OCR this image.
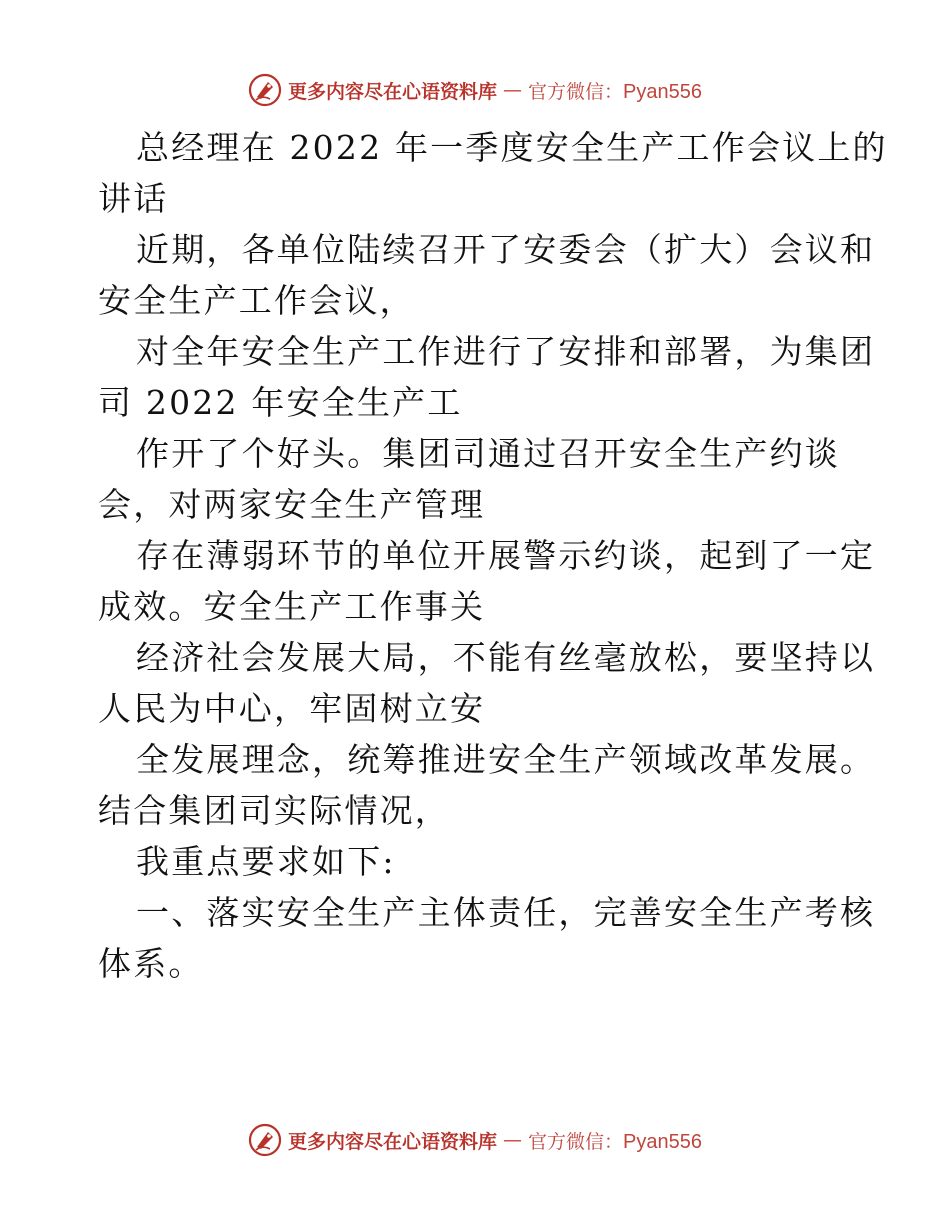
更多内容尽在心语资料库 — 官方微信：Pyan556

总经理在 2022 年一季度安全生产工作会议上的
讲话

近期，各单位陆续召开了安委会（扩大）会议和
安全生产工作会议，

对全年安全生产工作进行了安排和部署，为集团
司 2022 年安全生产工

作开了个好头。集团司通过召开安全生产约谈
会，对两家安全生产管理

存在薄弱环节的单位开展警示约谈，起到了一定
成效。安全生产工作事关

经济社会发展大局，不能有丝毫放松，要坚持以
人民为中心，牢固树立安

全发展理念，统筹推进安全生产领域改革发展。
结合集团司实际情况，

我重点要求如下:

一、落实安全生产主体责任，完善安全生产考核
体系。

更多内容尽在心语资料库 — 官方微信：Pyan556
